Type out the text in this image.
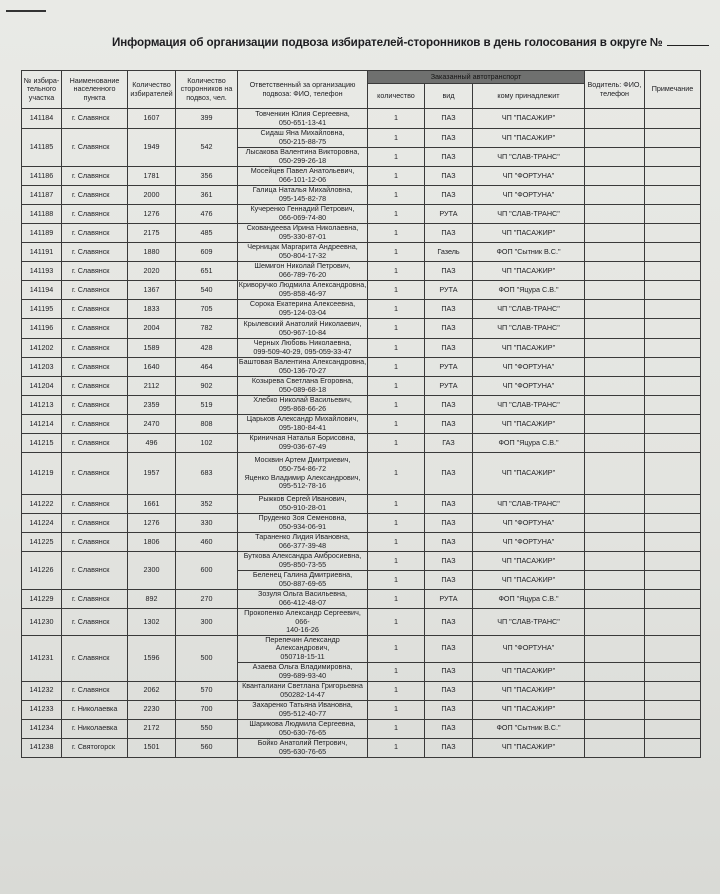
Информация об организации подвоза избирателей-сторонников в день голосования в округе №
№ избира-тельного участка	Наименование населенного пункта	Количество избирателей	Количество сторонников на подвоз, чел.	Ответственный за организацию подвоза: ФИО, телефон	Заказанный автотранспорт			Водитель: ФИО, телефон	Примечание
					количество	вид	кому принадлежит		
141184	г. Славянск	1607	399	Товченкин Юлия Сергеевна,
050-651-13-41	1	ПАЗ	ЧП "ПАСАЖИР"		
141185	г. Славянск	1949	542	Сидаш Яна Михайловна,
050-215-88-75	1	ПАЗ	ЧП "ПАСАЖИР"		

				Лысакова Валентина Викторовна,
050-299-26-18	1	ПАЗ	ЧП "СЛАВ-ТРАНС"		
141186	г. Славянск	1781	356	Мосейцев Павел Анатольевич,
066-101-12-06	1	ПАЗ	ЧП "ФОРТУНА"		
141187	г. Славянск	2000	361	Галица Наталья Михайловна,
095-145-82-78	1	ПАЗ	ЧП "ФОРТУНА"		
141188	г. Славянск	1276	476	Кучеренко Геннадий Петрович,
066-069-74-80	1	РУТА	ЧП "СЛАВ-ТРАНС"		
141189	г. Славянск	2175	485	Сковандеева Ирина Николаевна,
095-330-87-01	1	ПАЗ	ЧП "ПАСАЖИР"		
141191	г. Славянск	1880	609	Черницак Маргарита Андреевна,
050-804-17-32	1	Газель	ФОП "Сытник В.С."		
141193	г. Славянск	2020	651	Шемигон Николай Петрович,
066-789-76-20	1	ПАЗ	ЧП "ПАСАЖИР"		
141194	г. Славянск	1367	540	Криворучко Людмила Александровна,
095-858-46-97	1	РУТА	ФОП "Яцура С.В."		
141195	г. Славянск	1833	705	Сорока Екатерина Алексеевна,
095-124-03-04	1	ПАЗ	ЧП "СЛАВ-ТРАНС"		
141196	г. Славянск	2004	782	Крылевский Анатолий Николаевич,
050-967-10-84	1	ПАЗ	ЧП "СЛАВ-ТРАНС"		
141202	г. Славянск	1589	428	Черных Любовь Николаевна,
099-509-40-29, 095-059-33-47	1	ПАЗ	ЧП "ПАСАЖИР"		
141203	г. Славянск	1640	464	Баштовая Валентина Александровна,
050-136-70-27	1	РУТА	ЧП "ФОРТУНА"		
141204	г. Славянск	2112	902	Козырева Светлана Егоровна,
050-089-68-18	1	РУТА	ЧП "ФОРТУНА"		
141213	г. Славянск	2359	519	Хлебко Николай Васильевич,
095-868-66-26	1	ПАЗ	ЧП "СЛАВ-ТРАНС"		
141214	г. Славянск	2470	808	Царьков Александр Михайлович,
095-180-84-41	1	ПАЗ	ЧП "ПАСАЖИР"		
141215	г. Славянск	496	102	Криничная Наталья Борисовна,
099-036-67-49	1	ГАЗ	ФОП "Яцура С.В."		
141219	г. Славянск	1957	683	Москвин Артем Дмитриевич,
050-754-86-72
Яценко Владимир Александрович,
095-512-78-16	1	ПАЗ	ЧП "ПАСАЖИР"		
141222	г. Славянск	1661	352	Рыжков Сергей Иванович,
050-910-28-01	1	ПАЗ	ЧП "СЛАВ-ТРАНС"		
141224	г. Славянск	1276	330	Пруденко Зоя Семеновна,
050-934-06-91	1	ПАЗ	ЧП "ФОРТУНА"		
141225	г. Славянск	1806	460	Тараненко Лидия Ивановна,
066-377-39-48	1	ПАЗ	ЧП "ФОРТУНА"		
141226	г. Славянск	2300	600	Буткова Александра Амбросиевна,
095-850-73-55	1	ПАЗ	ЧП "ПАСАЖИР"		

				Беленец Галина Дмитриевна,
050-887-69-65	1	ПАЗ	ЧП "ПАСАЖИР"		
141229	г. Славянск	892	270	Зозуля Ольга Васильевна,
066-412-48-07	1	РУТА	ФОП "Яцура С.В."		
141230	г. Славянск	1302	300	Прокопенко Александр Сергеевич, 066-
140-16-26	1	ПАЗ	ЧП "СЛАВ-ТРАНС"		
141231	г. Славянск	1596	500	Перепечин Александр Александрович,
050718-15-11	1	ПАЗ	ЧП "ФОРТУНА"		

				Азаева Ольга Владимировна,
099-689-93-40	1	ПАЗ	ЧП "ПАСАЖИР"		
141232	г. Славянск	2062	570	Кванталиани Светлана Григорьевна
050282-14-47	1	ПАЗ	ЧП "ПАСАЖИР"		
141233	г. Николаевка	2230	700	Захаренко Татьяна Ивановна,
095-512-40-77	1	ПАЗ	ЧП "ПАСАЖИР"		
141234	г. Николаевка	2172	550	Шарикова Людмила Сергеевна,
050-630-76-65	1	ПАЗ	ФОП "Сытник В.С."		
141238	г. Святогорск	1501	560	Бойко Анатолий Петрович,
095-630-76-65	1	ПАЗ	ЧП "ПАСАЖИР"		
